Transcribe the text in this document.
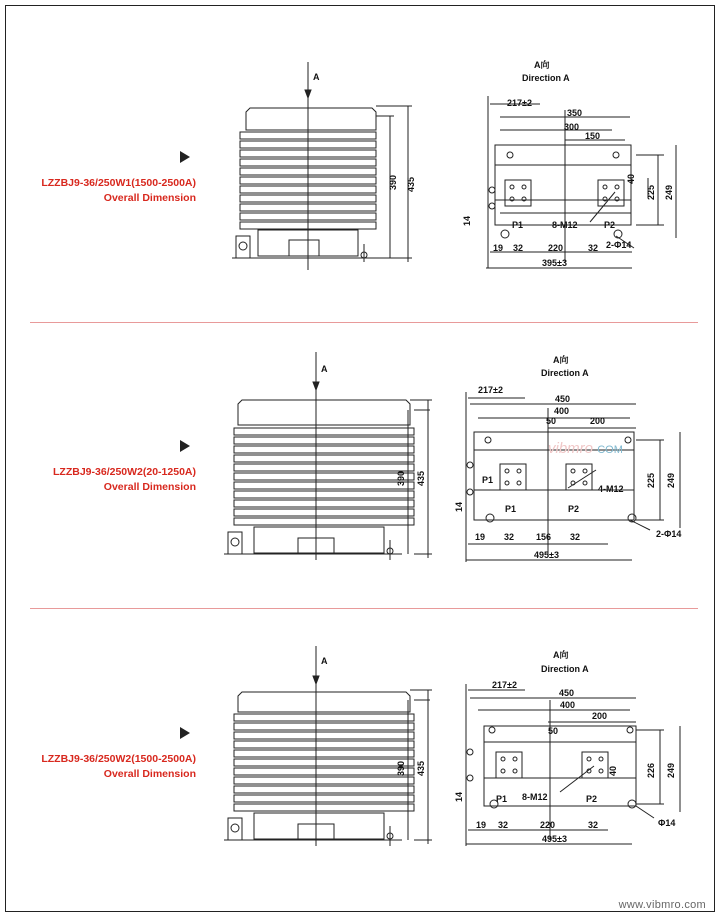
LZZBJ9-36/250W1(1500-2500A)
Overall Dimension
A
390 435
A向
Direction A
217±2
350
300
150
40
225 249
14	P1	8-M12	P2
2-Φ14
19 32	220	32
395±3
LZZBJ9-36/250W2(20-1250A)
Overall Dimension
A
390 435
A向
Direction A
217±2
450
400
50	200
225 249
14
P1
P1	P2
4-M12
2-Φ14
19 32 156 32
495±3
vibmro COM
LZZBJ9-36/250W2(1500-2500A)
Overall Dimension
A
390 435
A向
Direction A
217±2
450
400
50
200
40	226 249
14	P1 8-M12	P2
Φ14
19 32	220	32
495±3
www.vibmro.com
